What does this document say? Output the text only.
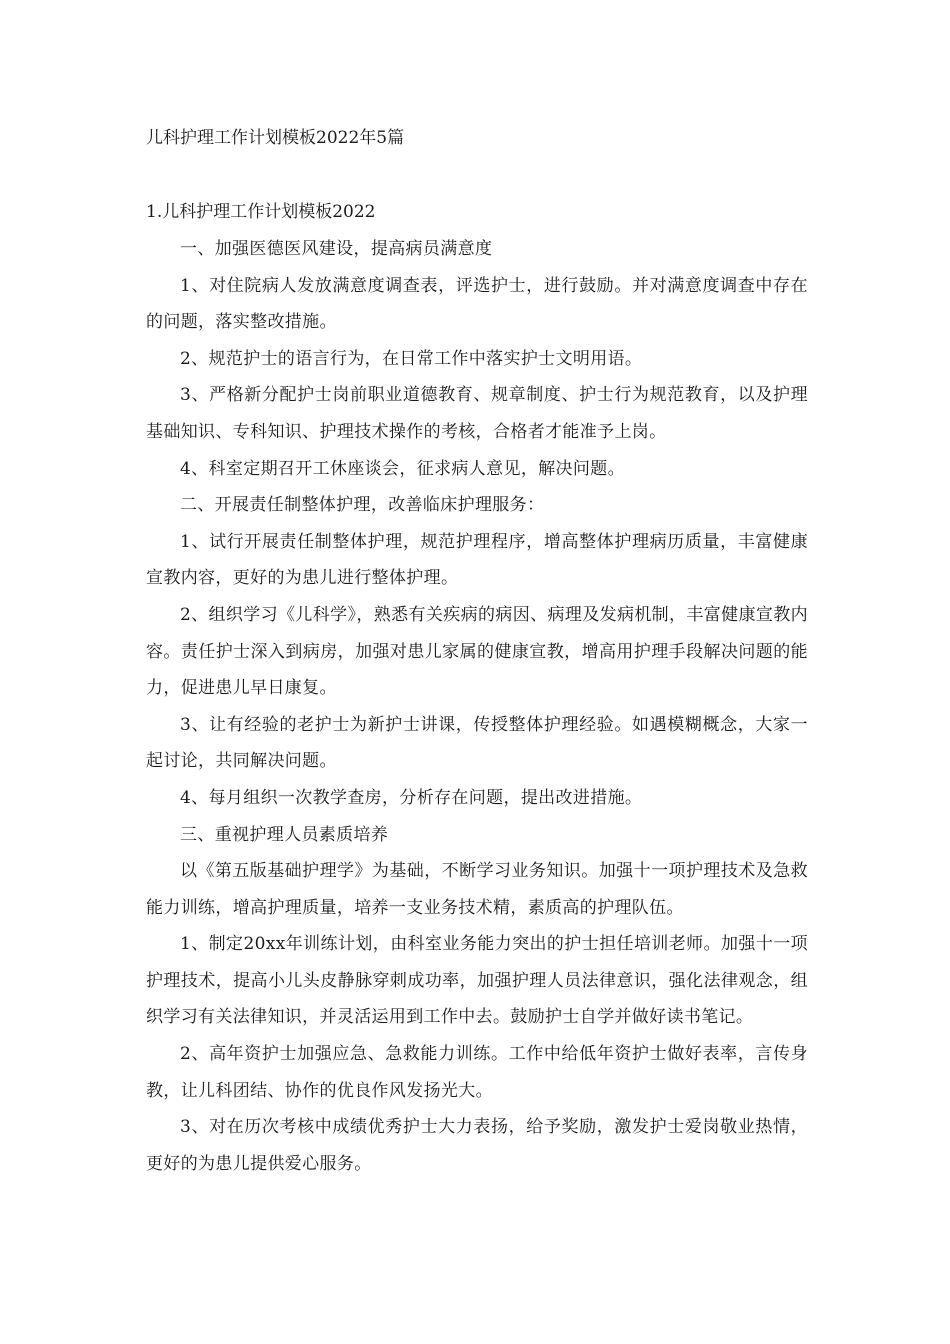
儿科护理工作计划模板2022年5篇
1.儿科护理工作计划模板2022

一、加强医德医风建设，提高病员满意度

1、对住院病人发放满意度调查表，评选护士，进行鼓励。并对满意度调查中存在的问题，落实整改措施。

2、规范护士的语言行为，在日常工作中落实护士文明用语。

3、严格新分配护士岗前职业道德教育、规章制度、护士行为规范教育，以及护理基础知识、专科知识、护理技术操作的考核，合格者才能准予上岗。

4、科室定期召开工休座谈会，征求病人意见，解决问题。

二、开展责任制整体护理，改善临床护理服务：

1、试行开展责任制整体护理，规范护理程序，增高整体护理病历质量，丰富健康宣教内容，更好的为患儿进行整体护理。

2、组织学习《儿科学》，熟悉有关疾病的病因、病理及发病机制，丰富健康宣教内容。责任护士深入到病房，加强对患儿家属的健康宣教，增高用护理手段解决问题的能力，促进患儿早日康复。

3、让有经验的老护士为新护士讲课，传授整体护理经验。如遇模糊概念，大家一起讨论，共同解决问题。

4、每月组织一次教学查房，分析存在问题，提出改进措施。

三、重视护理人员素质培养

以《第五版基础护理学》为基础，不断学习业务知识。加强十一项护理技术及急救能力训练，增高护理质量，培养一支业务技术精，素质高的护理队伍。

1、制定20xx年训练计划，由科室业务能力突出的护士担任培训老师。加强十一项护理技术，提高小儿头皮静脉穿刺成功率，加强护理人员法律意识，强化法律观念，组织学习有关法律知识，并灵活运用到工作中去。鼓励护士自学并做好读书笔记。

2、高年资护士加强应急、急救能力训练。工作中给低年资护士做好表率，言传身教，让儿科团结、协作的优良作风发扬光大。

3、对在历次考核中成绩优秀护士大力表扬，给予奖励，激发护士爱岗敬业热情，更好的为患儿提供爱心服务。
